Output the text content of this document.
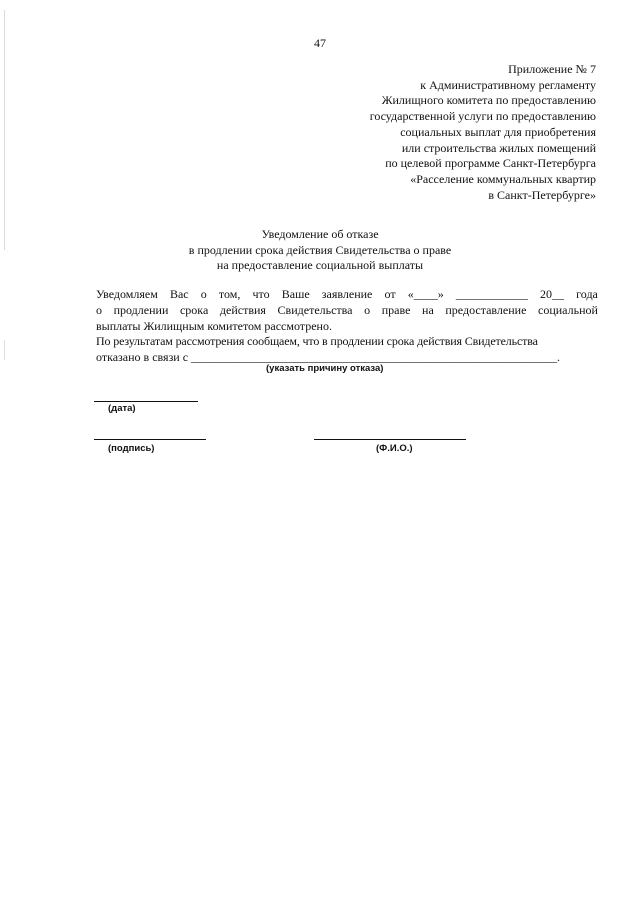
47
Приложение № 7
к Административному регламенту
Жилищного комитета по предоставлению
государственной услуги по предоставлению
социальных выплат для приобретения
или строительства жилых помещений
по целевой программе Санкт-Петербурга
«Расселение коммунальных квартир
в Санкт-Петербурге»
Уведомление об отказе
в продлении срока действия Свидетельства о праве
на предоставление социальной выплаты
Уведомляем Вас о том, что Ваше заявление от «____» ____________ 20__ года
о продлении срока действия Свидетельства о праве на предоставление социальной

выплаты Жилищным комитетом рассмотрено.

По результатам рассмотрения сообщаем, что в продлении срока действия Свидетельства

отказано в связи с _____________________________________________________________.

(указать причину отказа)
(дата)
(подпись)	(Ф.И.О.)
